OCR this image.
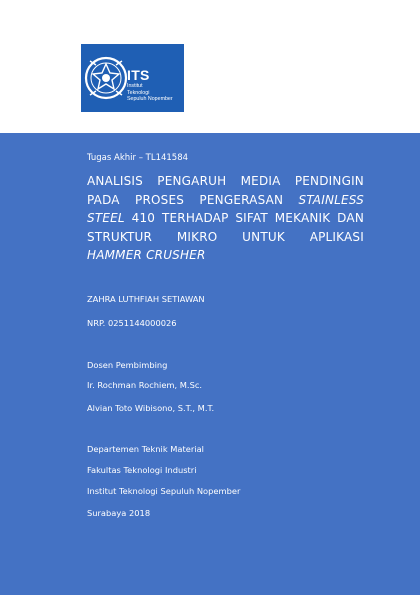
ITS
Institut
Teknologi
Sepuluh Nopember
Tugas Akhir – TL141584
ANALISIS PENGARUH MEDIA PENDINGIN
PADA PROSES PENGERASAN STAINLESS
STEEL 410 TERHADAP SIFAT MEKANIK DAN
STRUKTUR MIKRO UNTUK APLIKASI
HAMMER CRUSHER
ZAHRA LUTHFIAH SETIAWAN
NRP. 0251144000026
Dosen Pembimbing
Ir. Rochman Rochiem, M.Sc.
Alvian Toto Wibisono, S.T., M.T.
Departemen Teknik Material
Fakultas Teknologi Industri
Institut Teknologi Sepuluh Nopember
Surabaya 2018
